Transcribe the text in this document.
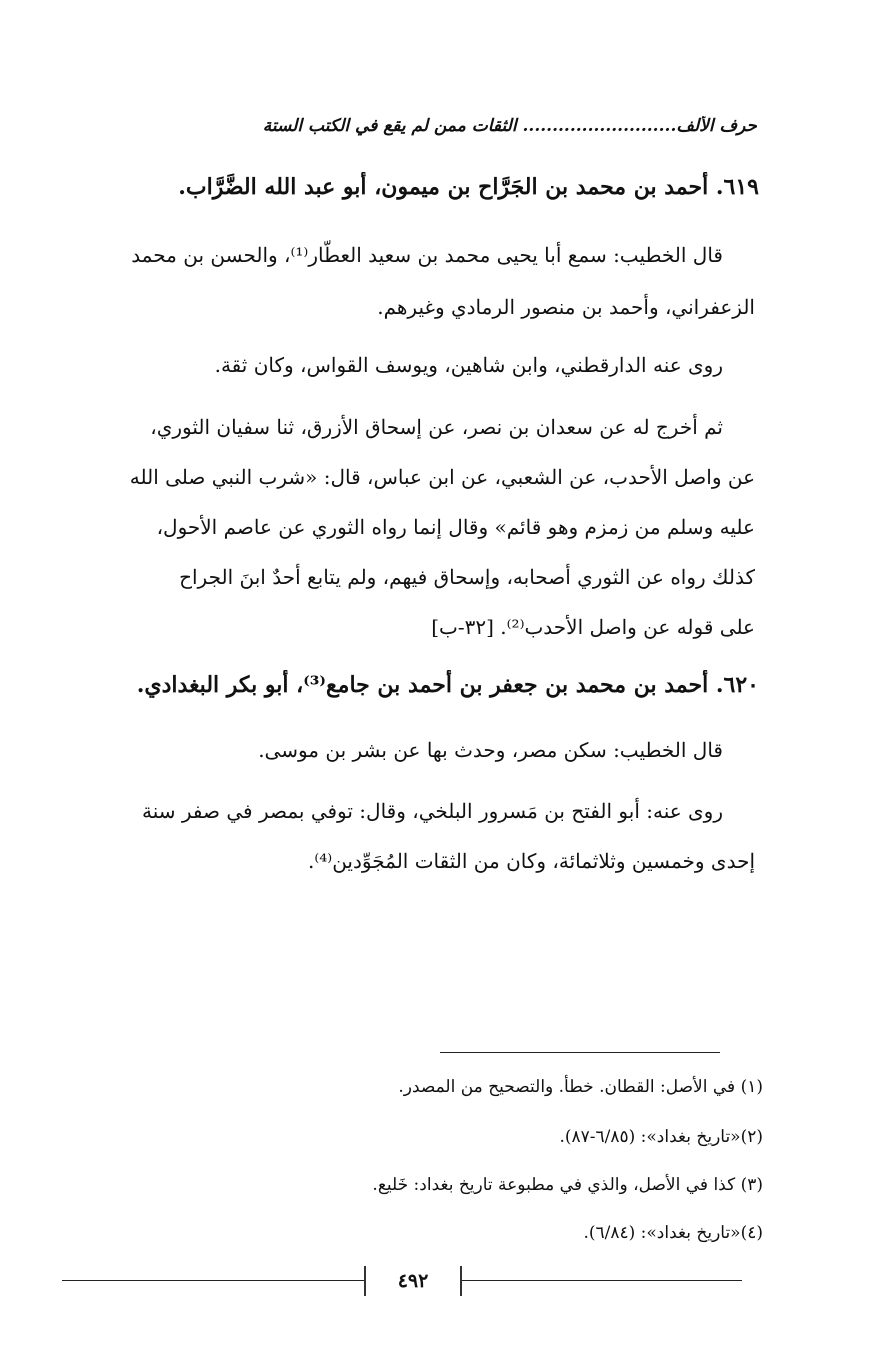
حرف الألف.......................... الثقات ممن لم يقع في الكتب الستة
٦١٩. أحمد بن محمد بن الجَرَّاح بن ميمون، أبو عبد الله الضَّرَّاب.
قال الخطيب: سمع أبا يحيى محمد بن سعيد العطَّار⁽¹⁾، والحسن بن محمد
الزعفراني، وأحمد بن منصور الرمادي وغيرهم.
روى عنه الدارقطني، وابن شاهين، ويوسف القواس، وكان ثقة.
ثم أخرج له عن سعدان بن نصر، عن إسحاق الأزرق، ثنا سفيان الثوري،
عن واصل الأحدب، عن الشعبي، عن ابن عباس، قال: «شرب النبي صلى الله
عليه وسلم من زمزم وهو قائم» وقال إنما رواه الثوري عن عاصم الأحول،
كذلك رواه عن الثوري أصحابه، وإسحاق فيهم، ولم يتابع أحدٌ ابنَ الجراح
على قوله عن واصل الأحدب⁽²⁾. [٣٢-ب]
٦٢٠. أحمد بن محمد بن جعفر بن أحمد بن جامع⁽³⁾، أبو بكر البغدادي.
قال الخطيب: سكن مصر، وحدث بها عن بشر بن موسى.
روى عنه: أبو الفتح بن مَسرور البلخي، وقال: توفي بمصر في صفر سنة
إحدى وخمسين وثلاثمائة، وكان من الثقات المُجَوِّدين⁽⁴⁾.
(١) في الأصل: القطان. خطأ. والتصحيح من المصدر.
(٢)«تاريخ بغداد»: (٦/٨٥-٨٧).
(٣) كذا في الأصل، والذي في مطبوعة تاريخ بغداد: خَليع.
(٤)«تاريخ بغداد»: (٦/٨٤).
٤٩٢
